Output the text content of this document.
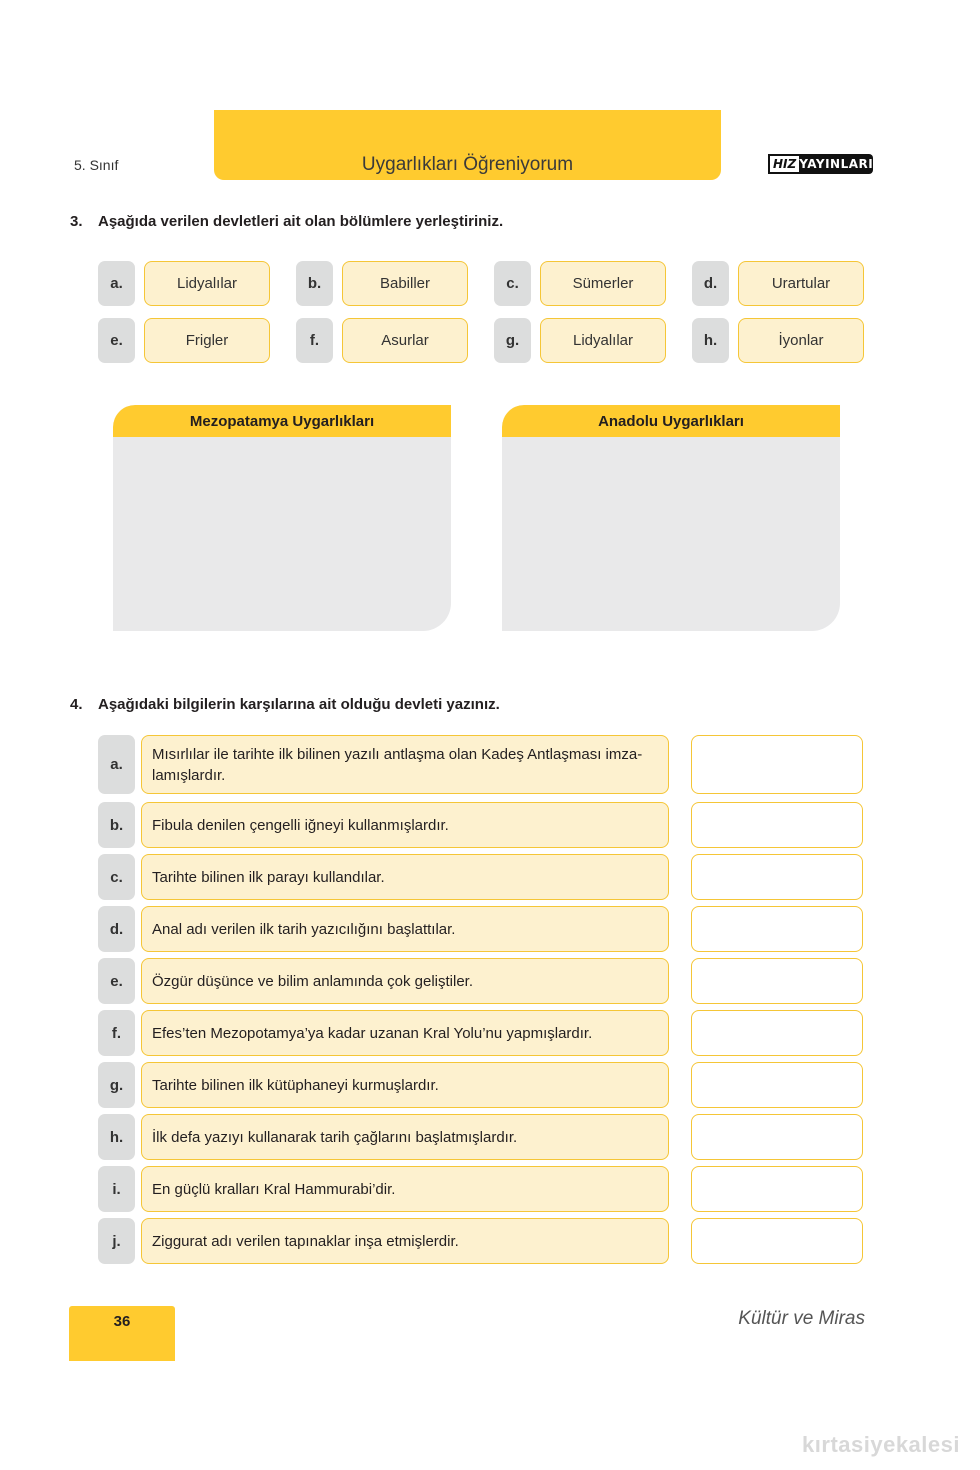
5. Sınıf	Uygarlıkları Öğreniyorum	HIZ YAYINLARI
3. Aşağıda verilen devletleri ait olan bölümlere yerleştiriniz.
a.	Lidyalılar	b.	Babiller	c.	Sümerler	d.	Urartular
e.	Frigler	f.	Asurlar	g.	Lidyalılar	h.	İyonlar
Mezopatamya Uygarlıkları	Anadolu Uygarlıkları
4. Aşağıdaki bilgilerin karşılarına ait olduğu devleti yazınız.
a.
Mısırlılar ile tarihte ilk bilinen yazılı antlaşma olan Kadeş Antlaşması imza-lamışlardır.
b.	Fibula denilen çengelli iğneyi kullanmışlardır.
c.	Tarihte bilinen ilk parayı kullandılar.
d.	Anal adı verilen ilk tarih yazıcılığını başlattılar.
e.	Özgür düşünce ve bilim anlamında çok geliştiler.
f.	Efes’ten Mezopotamya’ya kadar uzanan Kral Yolu’nu yapmışlardır.
g.	Tarihte bilinen ilk kütüphaneyi kurmuşlardır.
h.	İlk defa yazıyı kullanarak tarih çağlarını başlatmışlardır.
i.	En güçlü kralları Kral Hammurabi’dir.
j.	Ziggurat adı verilen tapınaklar inşa etmişlerdir.
36	Kültür ve Miras
kırtasiyekalesi
